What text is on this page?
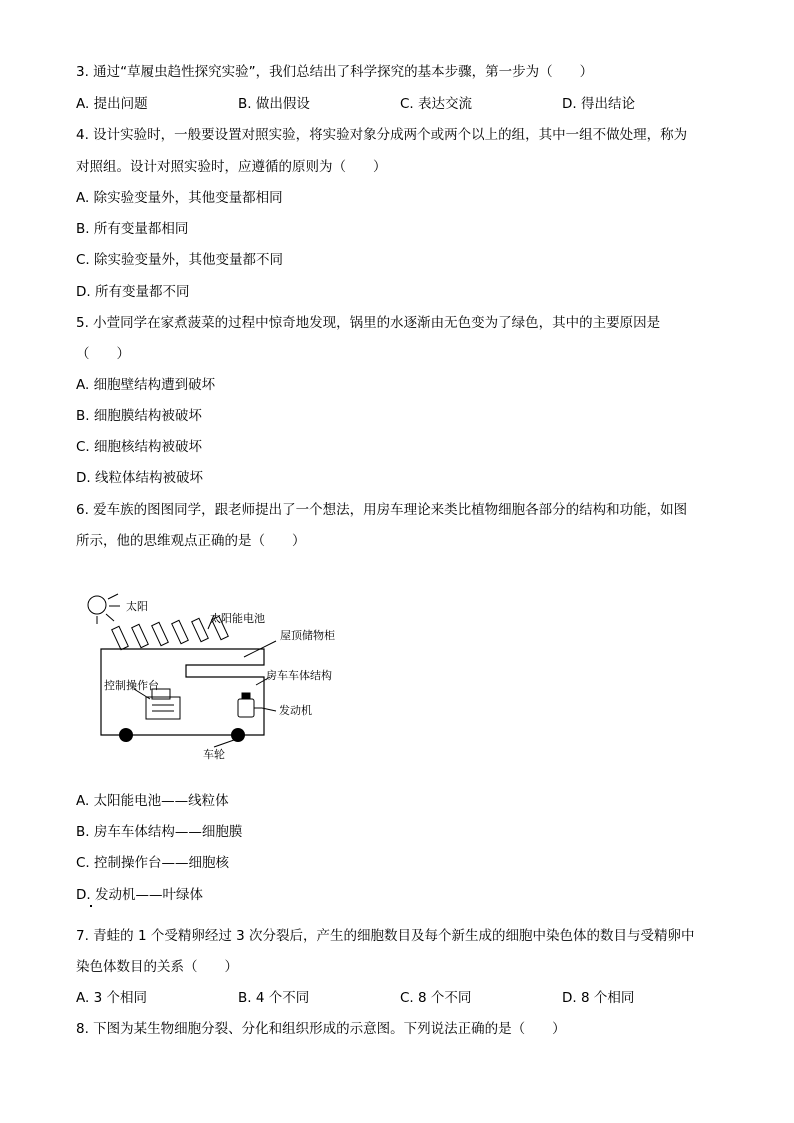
3. 通过“草履虫趋性探究实验”，我们总结出了科学探究的基本步骤，第一步为（　　）
A. 提出问题	B. 做出假设	C. 表达交流	D. 得出结论
4. 设计实验时，一般要设置对照实验，将实验对象分成两个或两个以上的组，其中一组不做处理，称为
对照组。设计对照实验时，应遵循的原则为（　　）
A. 除实验变量外，其他变量都相同
B. 所有变量都相同
C. 除实验变量外，其他变量都不同
D. 所有变量都不同
5. 小萱同学在家煮菠菜的过程中惊奇地发现，锅里的水逐渐由无色变为了绿色，其中的主要原因是
（　　）
A. 细胞壁结构遭到破坏
B. 细胞膜结构被破坏
C. 细胞核结构被破坏
D. 线粒体结构被破坏
6. 爱车族的图图同学，跟老师提出了一个想法，用房车理论来类比植物细胞各部分的结构和功能，如图
所示，他的思维观点正确的是（　　）
太阳
太阳能电池
屋顶储物柜
房车车体结构
控制操作台
发动机
车轮
A. 太阳能电池——线粒体
B. 房车车体结构——细胞膜
C. 控制操作台——细胞核
D. 发动机——叶绿体
7. 青蛙的 1 个受精卵经过 3 次分裂后，产生的细胞数目及每个新生成的细胞中染色体的数目与受精卵中
染色体数目的关系（　　）
A. 3 个相同	B. 4 个不同	C. 8 个不同	D. 8 个相同
8. 下图为某生物细胞分裂、分化和组织形成的示意图。下列说法正确的是（　　）
